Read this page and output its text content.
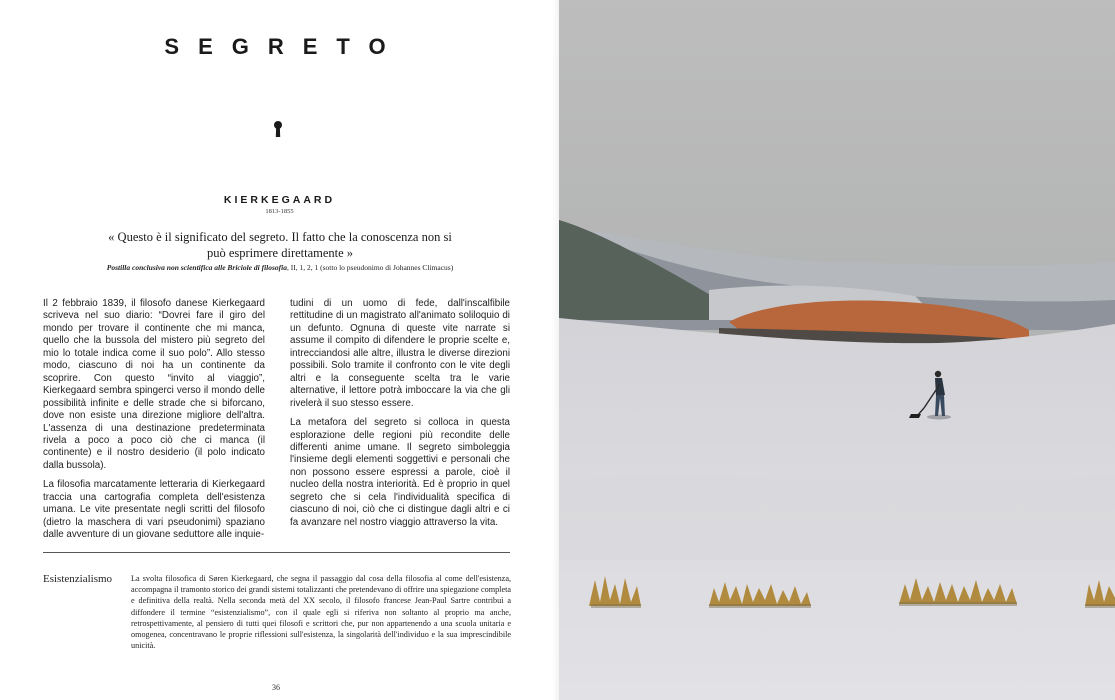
SEGRETO
KIERKEGAARD
1813-1855
« Questo è il significato del segreto. Il fatto che la conoscenza non si può esprimere direttamente »
Postilla conclusiva non scientifica alle Briciole di filosofia, II, 1, 2, 1 (sotto lo pseudonimo di Johannes Climacus)

Il 2 febbraio 1839, il filosofo danese Kierkegaard scriveva nel suo diario: “Dovrei fare il giro del mondo per trovare il continente che mi manca, quello che la bussola del mistero più segreto del mio lo totale indica come il suo polo”. Allo stesso modo, ciascuno di noi ha un continente da scoprire. Con questo “invito al viaggio”, Kierkegaard sembra spingerci verso il mondo delle possibilità infinite e delle strade che si biforcano, dove non esiste una direzione migliore dell'altra. L'assenza di una destinazione predeterminata rivela a poco a poco ciò che ci manca (il continente) e il nostro desiderio (il polo indicato dalla bussola).

La filosofia marcatamente letteraria di Kierkegaard traccia una cartografia completa dell'esistenza umana. Le vite presentate negli scritti del filosofo (dietro la maschera di vari pseudonimi) spaziano dalle avventure di un giovane seduttore alle inquie-

tudini di un uomo di fede, dall'inscalfibile rettitudine di un magistrato all'animato soliloquio di un defunto. Ognuna di queste vite narrate si assume il compito di difendere le proprie scelte e, intrecciandosi alle altre, illustra le diverse direzioni possibili. Solo tramite il confronto con le vite degli altri e la conseguente scelta tra le varie alternative, il lettore potrà imboccare la via che gli rivelerà il suo stesso essere.

La metafora del segreto si colloca in questa esplorazione delle regioni più recondite delle differenti anime umane. Il segreto simboleggia l'insieme degli elementi soggettivi e personali che non possono essere espressi a parole, cioè il nucleo della nostra interiorità. Ed è proprio in quel segreto che si cela l'individualità specifica di ciascuno di noi, ciò che ci distingue dagli altri e ci fa avanzare nel nostro viaggio attraverso la vita.

Esistenzialismo La svolta filosofica di Søren Kierkegaard, che segna il passaggio dal cosa della filosofia al come dell'esistenza, accompagna il tramonto storico dei grandi sistemi totalizzanti che pretendevano di offrire una spiegazione completa e definitiva della realtà. Nella seconda metà del XX secolo, il filosofo francese Jean-Paul Sartre contribuì a diffondere il termine “esistenzialismo”, con il quale egli si riferiva non soltanto al proprio ma anche, retrospettivamente, al pensiero di tutti quei filosofi e scrittori che, pur non appartenendo a una scuola unitaria e omogenea, concentravano le proprie riflessioni sull'esistenza, la singolarità dell'individuo e la sua imprescindibile unicità.
36
